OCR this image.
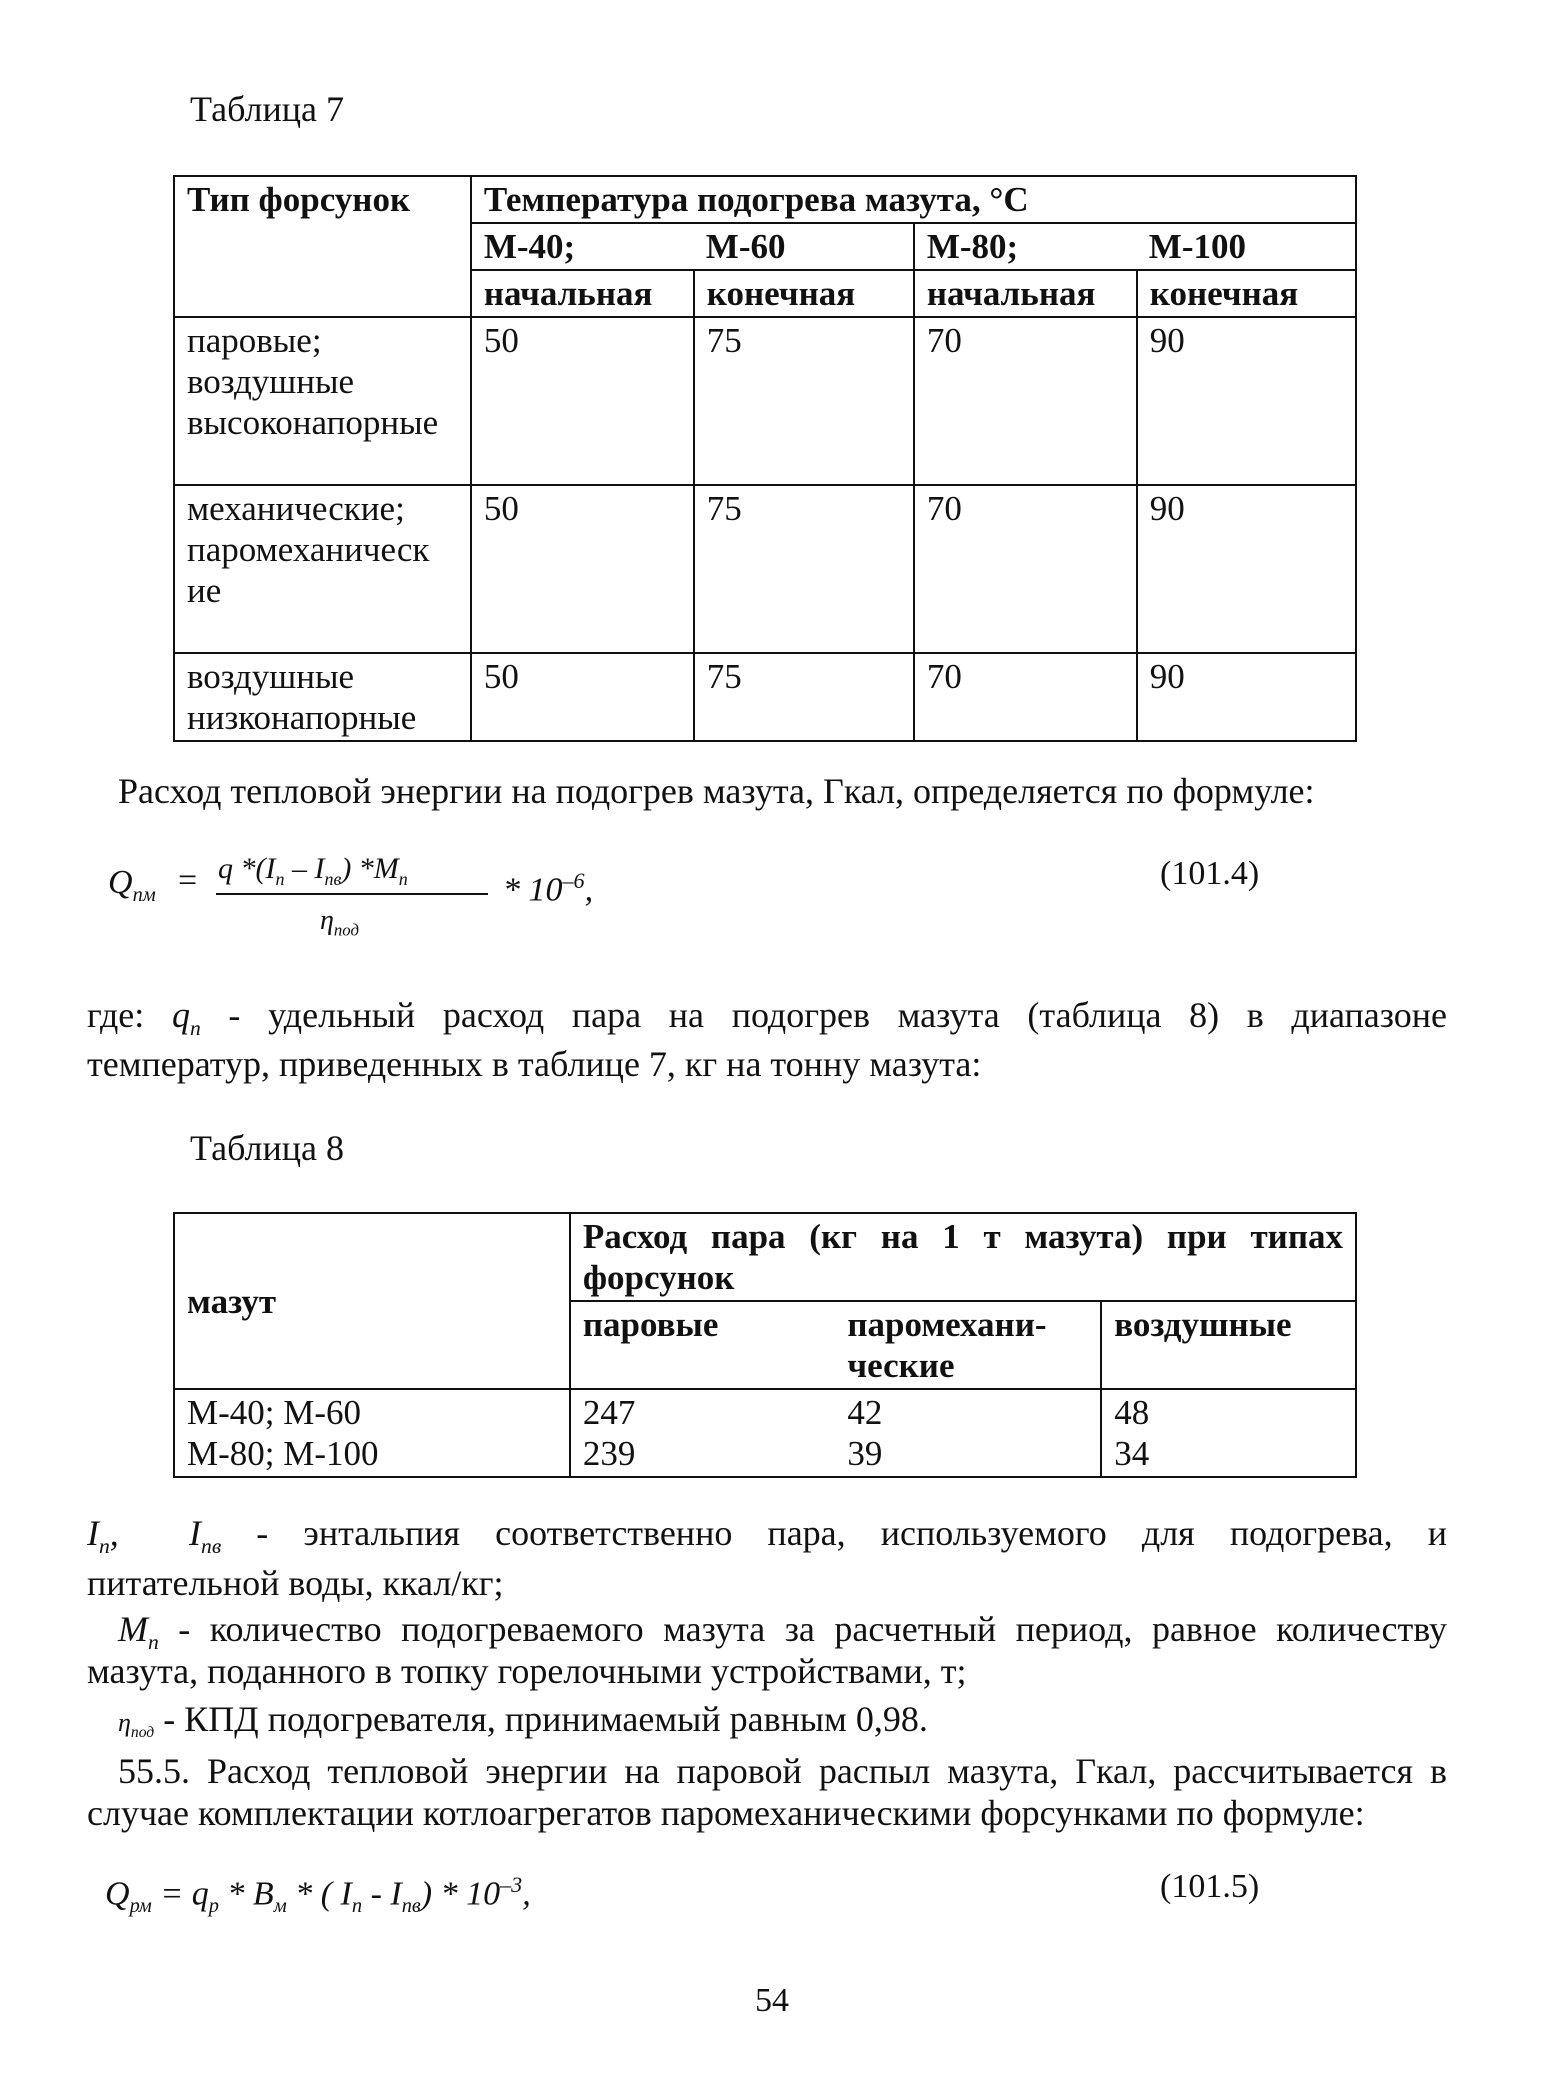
Таблица 7
Тип форсунок	Температура подогрева мазута, °C			
	М-40;	М-60	М-80;	М-100
	начальная	конечная	начальная	конечная

паровые;
воздушные
высоконапорные	50	75	70	90

механические;
паромеханическ
ие	50	75	70	90

воздушные
низконапорные	50	75	70	90
Расход тепловой энергии на подогрев мазута, Гкал, определяется по формуле:
$Q_{пм} = q$ $*(I_п - I_{пв})$ $*M_п$
$\eta_{под}$
* $10^{-6}$,	(101.4)
где: $q_п$ - удельный расход пара на подогрев мазута (таблица 8) в диапазоне
температур, приведенных в таблице 7, кг на тонну мазута:
Таблица 8
мазут	Расход пара (кг на 1 т мазута) при типах форсунок		
	паровые	паромехани-ческие	воздушные
М-40; М-60	247	42	48
М-80; М-100	239	39	34
$I_п$,  $I_{пв}$ - энтальпия соответственно пара, используемого для подогрева, и
питательной воды, ккал/кг;
$M_п$ - количество подогреваемого мазута за расчетный период, равное количеству
мазута, поданного в топку горелочными устройствами, т;
$\eta_{под}$ - КПД подогревателя, принимаемый равным 0,98.
55.5. Расход тепловой энергии на паровой распыл мазута, Гкал, рассчитывается в
случае комплектации котлоагрегатов паромеханическими форсунками по формуле:
$Q_{рм} = q_р * B_м$ * ( $I_п - I_{пв}) * 10^{-3}$,	(101.5)
54
